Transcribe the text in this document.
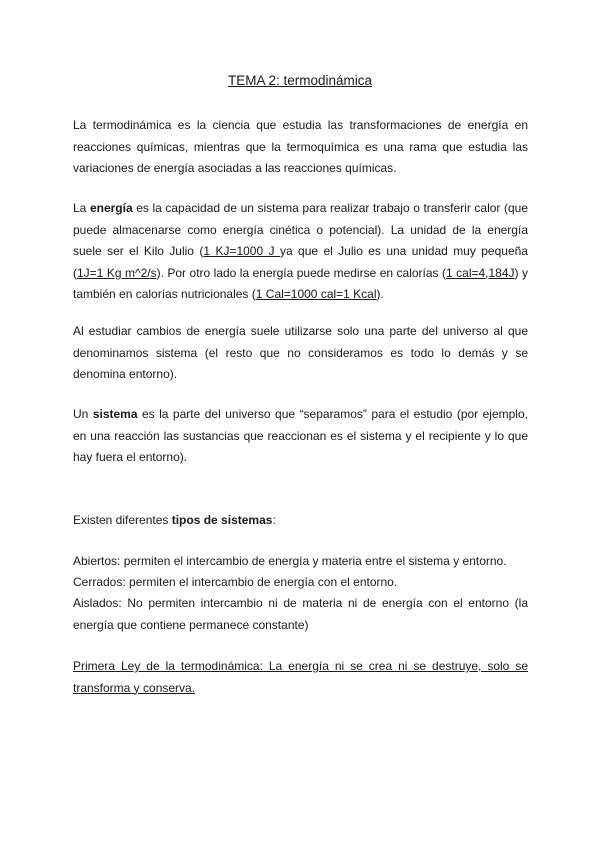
TEMA 2: termodinámica

La termodinámica es la ciencia que estudia las transformaciones de energía en reacciones químicas, mientras que la termoquímica es una rama que estudia las variaciones de energía asociadas a las reacciones químicas.

La energía es la capacidad de un sistema para realizar trabajo o transferir calor (que puede almacenarse como energía cinética o potencial). La unidad de la energía suele ser el Kilo Julio (1 KJ=1000 J ya que el Julio es una unidad muy pequeña (1J=1 Kg m^2/s). Por otro lado la energía puede medirse en calorías (1 cal=4,184J) y también en calorías nutricionales (1 Cal=1000 cal=1 Kcal).

Al estudiar cambios de energía suele utilizarse solo una parte del universo al que denominamos sistema (el resto que no consideramos es todo lo demás y se denomina entorno).

Un sistema es la parte del universo que “separamos” para el estudio (por ejemplo, en una reacción las sustancias que reaccionan es el sistema y el recipiente y lo que hay fuera el entorno).

Existen diferentes tipos de sistemas:

Abiertos: permiten el intercambio de energía y materia entre el sistema y entorno.

Cerrados: permiten el intercambio de energía con el entorno.

Aislados: No permiten intercambio ni de materia ni de energía con el entorno (la energía que contiene permanece constante)

Primera Ley de la termodinámica: La energía ni se crea ni se destruye, solo se transforma y conserva.
